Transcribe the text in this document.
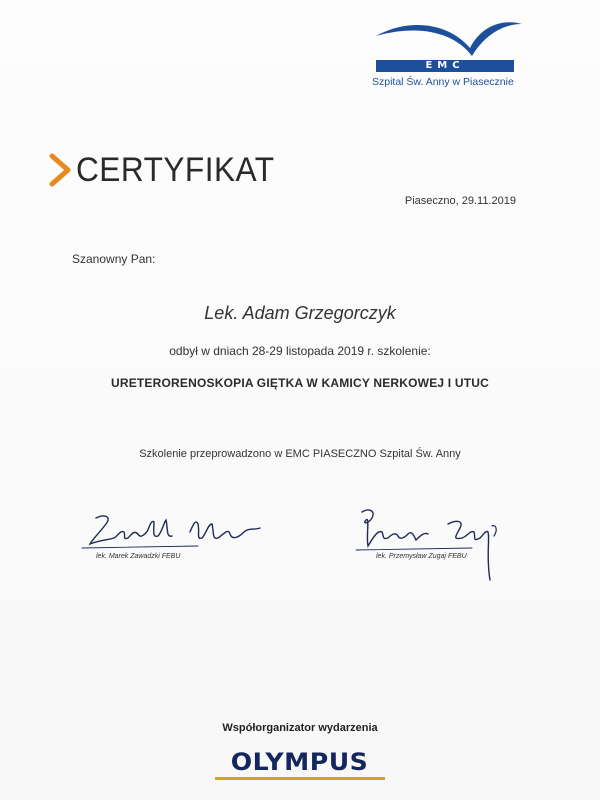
EMC
Szpital Św. Anny w Piasecznie
CERTYFIKAT
Piaseczno, 29.11.2019
Szanowny Pan:
Lek. Adam Grzegorczyk
odbył w dniach 28-29 listopada 2019 r. szkolenie:
URETERORENOSKOPIA GIĘTKA W KAMICY NERKOWEJ I UTUC
Szkolenie przeprowadzono w EMC PIASECZNO Szpital Św. Anny
lek. Marek Zawadzki FEBU	lek. Przemysław Zugaj FEBU
Współorganizator wydarzenia
OLYMPUS
